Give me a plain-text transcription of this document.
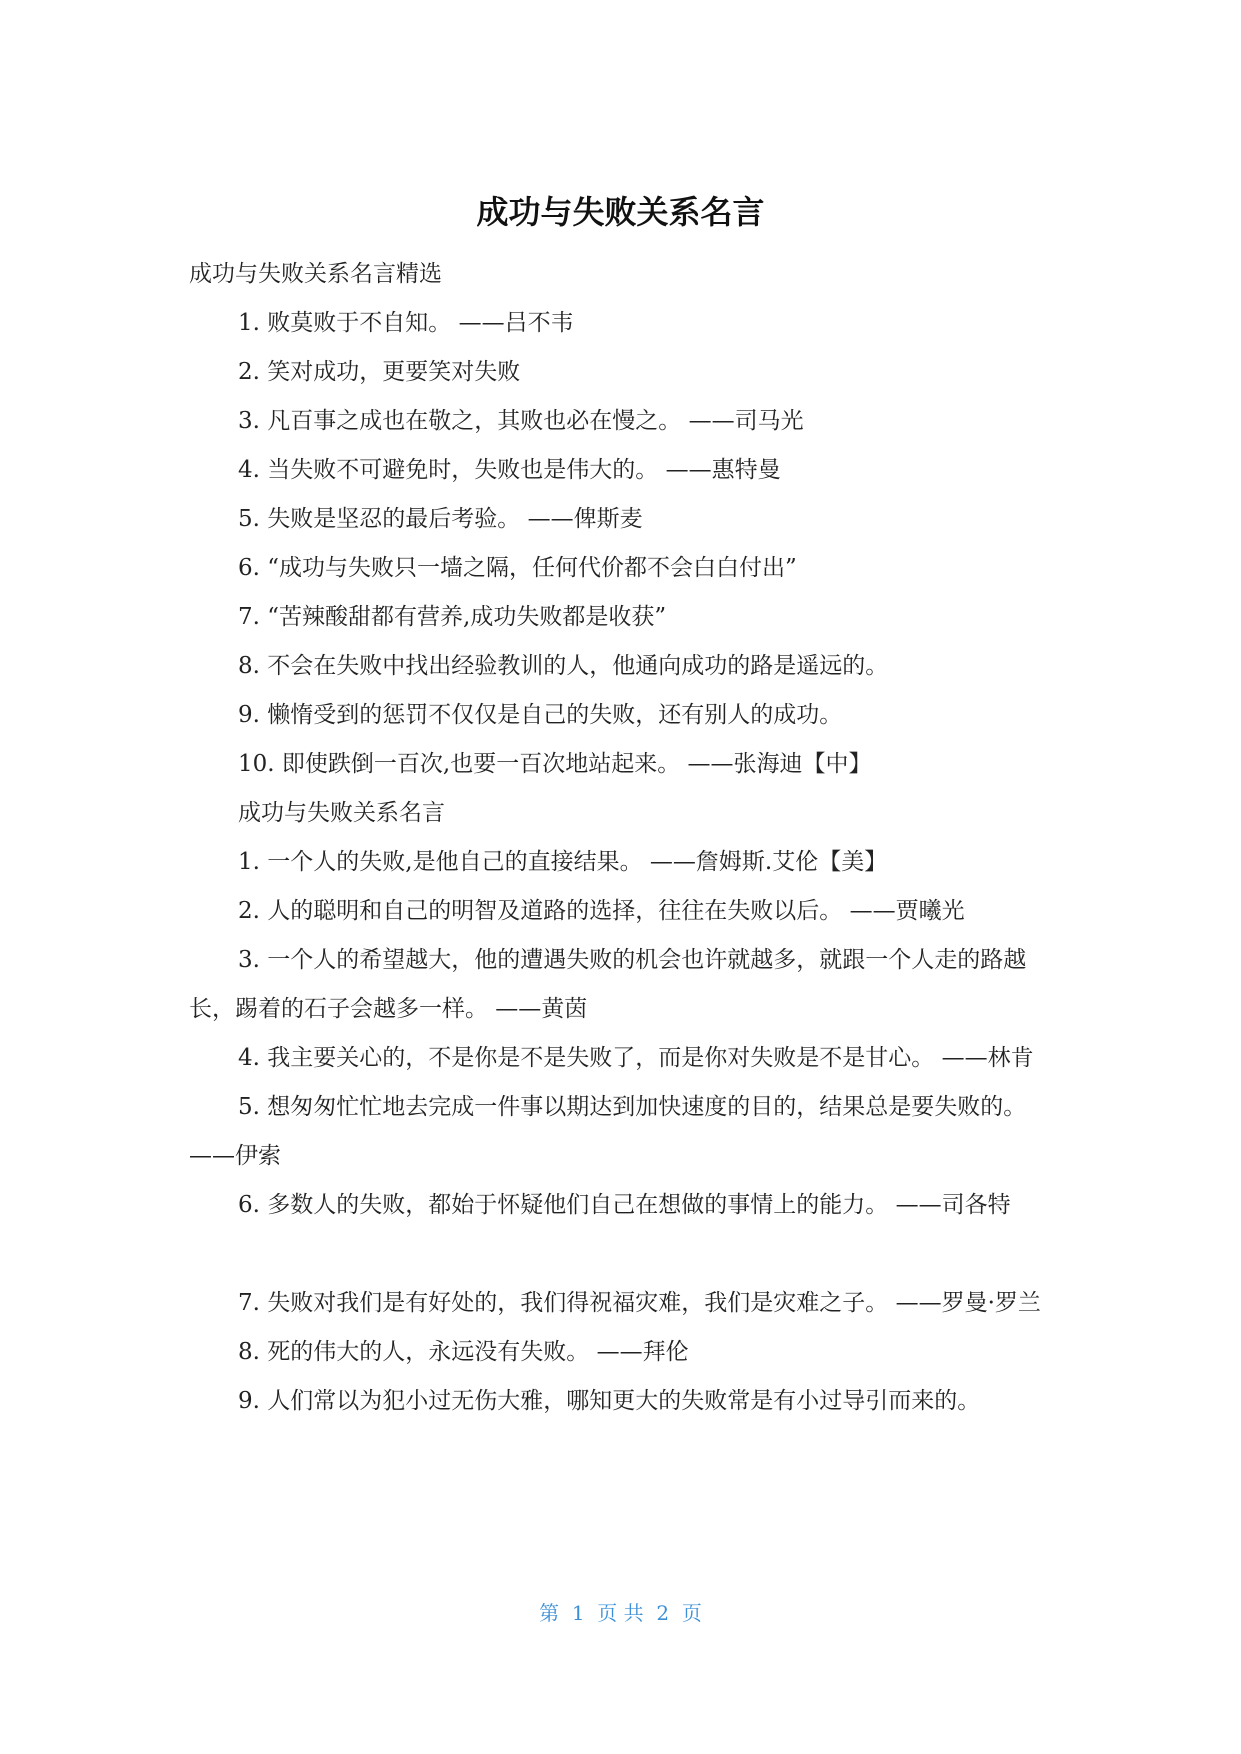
成功与失败关系名言

成功与失败关系名言精选

1. 败莫败于不自知。 ——吕不韦

2. 笑对成功，更要笑对失败

3. 凡百事之成也在敬之，其败也必在慢之。 ——司马光

4. 当失败不可避免时，失败也是伟大的。 ——惠特曼

5. 失败是坚忍的最后考验。 ——俾斯麦

6. “成功与失败只一墙之隔，任何代价都不会白白付出”

7. “苦辣酸甜都有营养,成功失败都是收获”

8. 不会在失败中找出经验教训的人，他通向成功的路是遥远的。

9. 懒惰受到的惩罚不仅仅是自己的失败，还有别人的成功。

10. 即使跌倒一百次,也要一百次地站起来。 ——张海迪【中】

成功与失败关系名言

1. 一个人的失败,是他自己的直接结果。 ——詹姆斯.艾伦【美】

2. 人的聪明和自己的明智及道路的选择，往往在失败以后。 ——贾曦光

3. 一个人的希望越大，他的遭遇失败的机会也许就越多，就跟一个人走的路越长，踢着的石子会越多一样。 ——黄茵

4. 我主要关心的，不是你是不是失败了，而是你对失败是不是甘心。 ——林肯

5. 想匆匆忙忙地去完成一件事以期达到加快速度的目的，结果总是要失败的。 ——伊索

6. 多数人的失败，都始于怀疑他们自己在想做的事情上的能力。 ——司各特

7. 失败对我们是有好处的，我们得祝福灾难，我们是灾难之子。 ——罗曼·罗兰

8. 死的伟大的人，永远没有失败。 ——拜伦

9. 人们常以为犯小过无伤大雅，哪知更大的失败常是有小过导引而来的。

第  1  页 共  2  页
